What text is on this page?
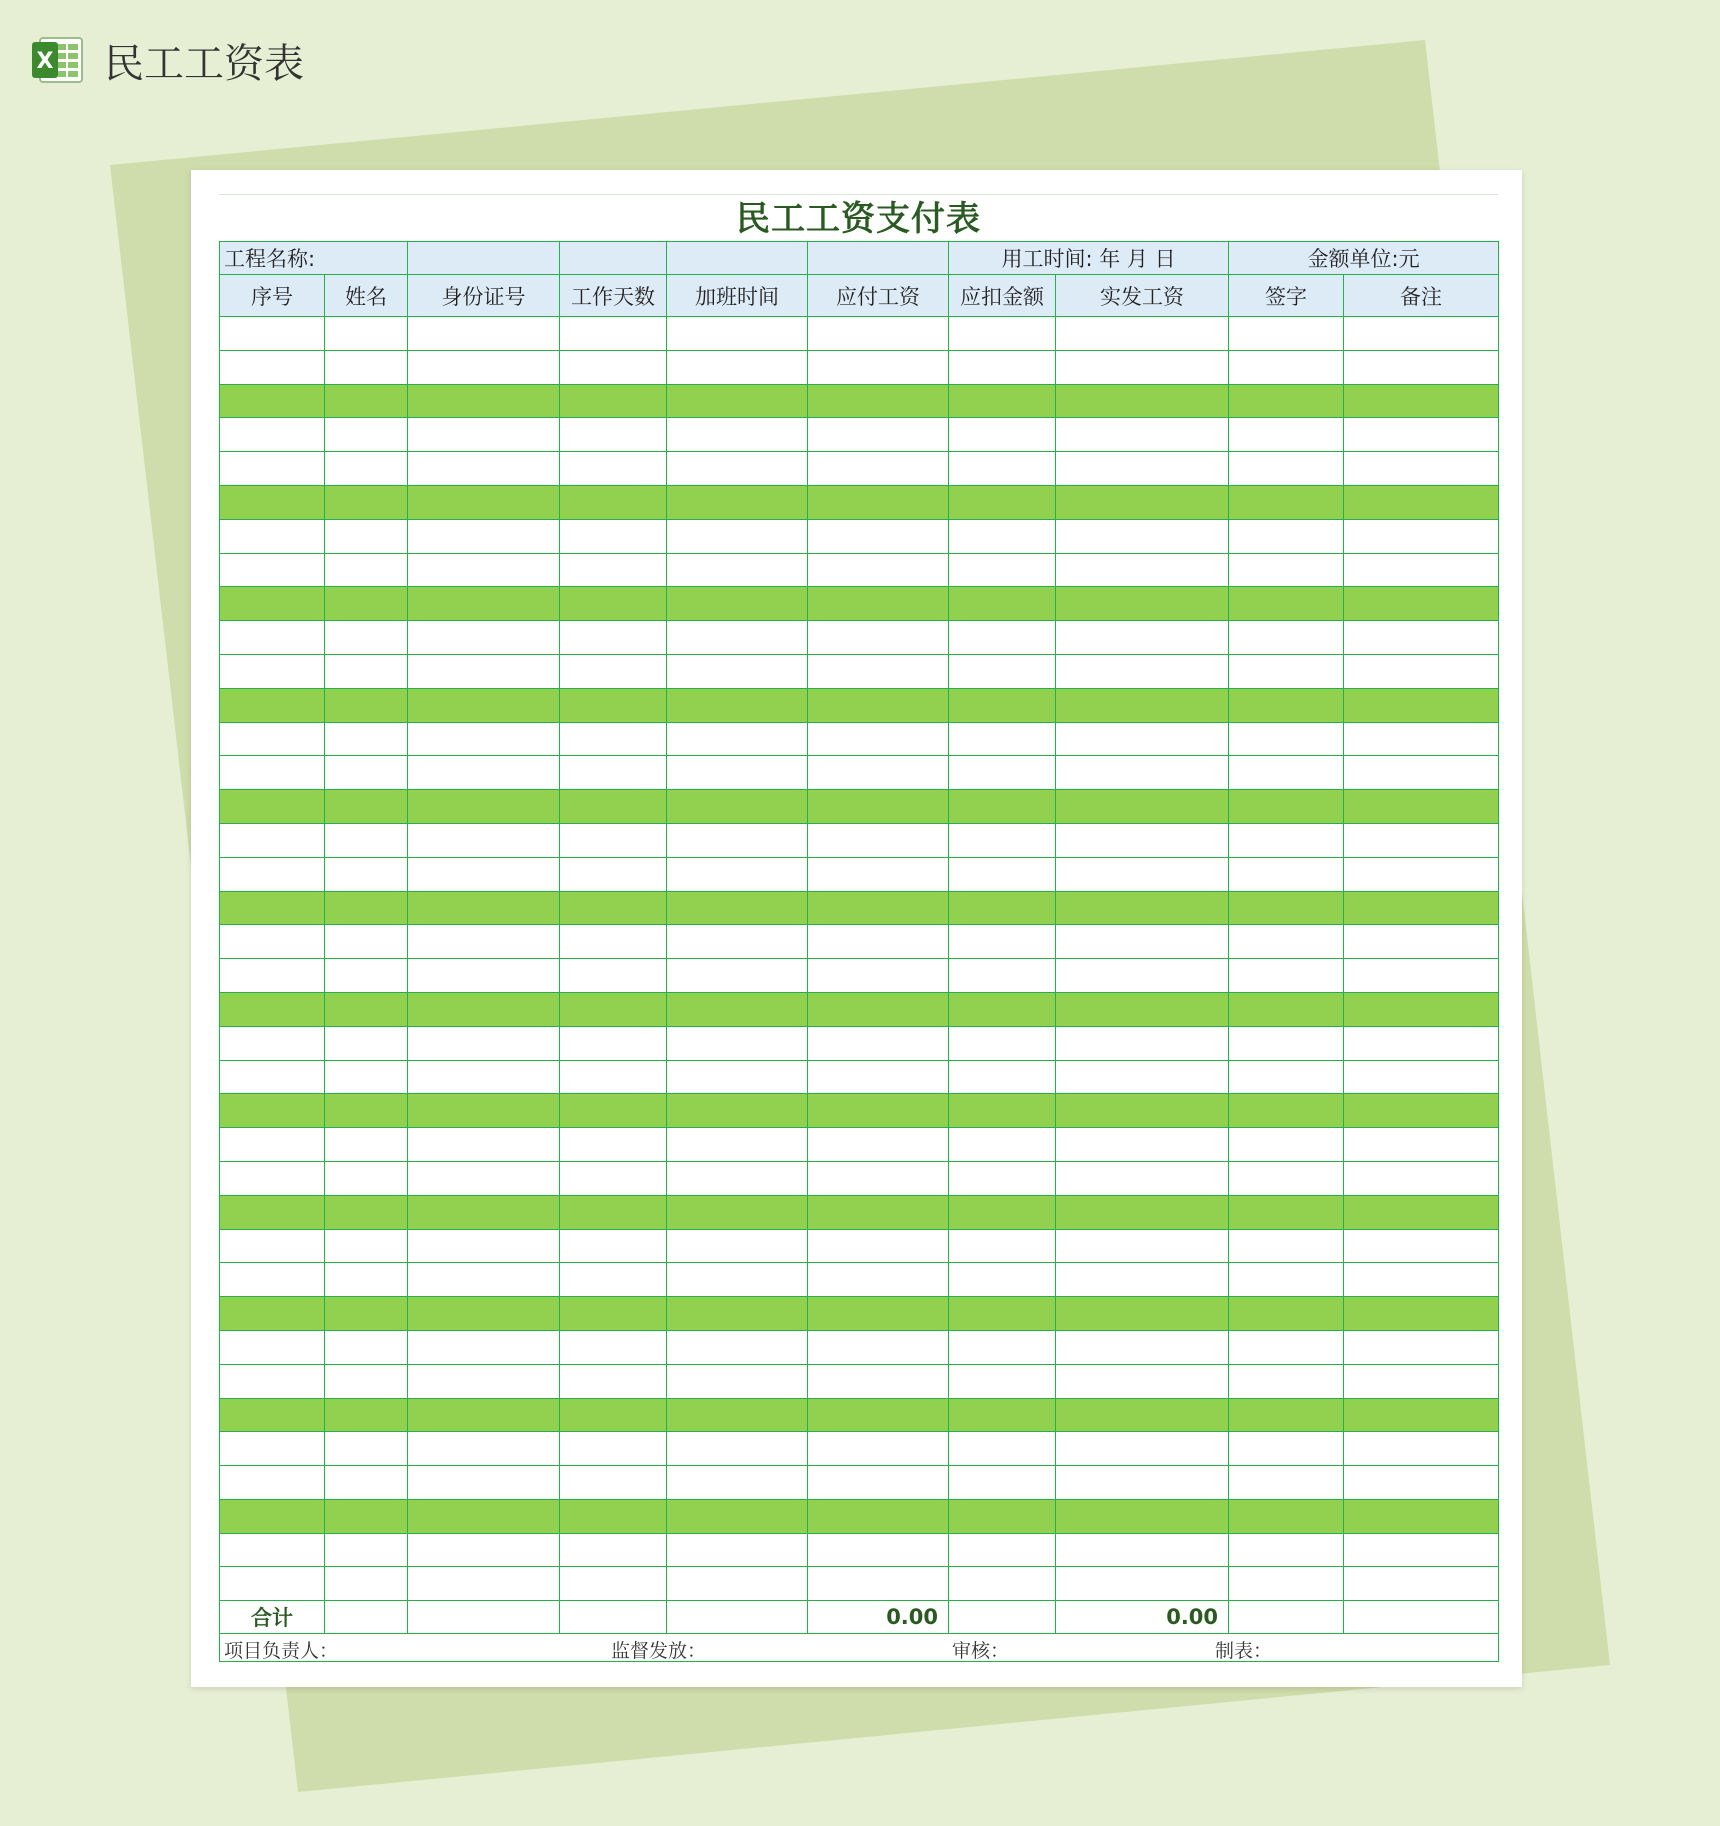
X 民工工资表
民工工资支付表
工程名称:						用工时间: 年 月 日		金额单位:元	
序号	姓名	身份证号	工作天数	加班时间	应付工资	应扣金额	实发工资	签字	备注

合计					0.00		0.00		

项目负责人： 监督发放： 审核： 制表：									
